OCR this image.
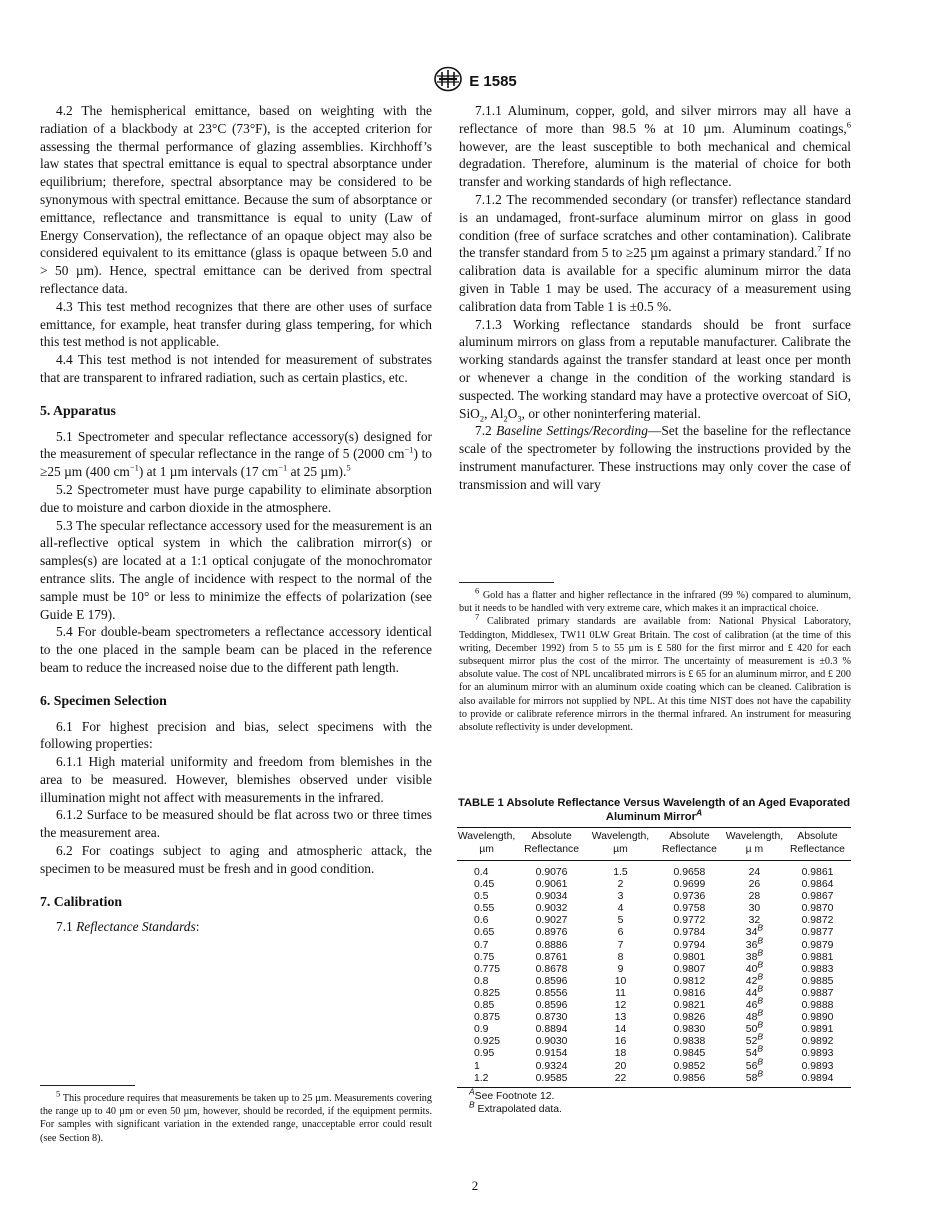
E 1585

4.2 The hemispherical emittance, based on weighting with the radiation of a blackbody at 23°C (73°F), is the accepted criterion for assessing the thermal performance of glazing assemblies. Kirchhoff’s law states that spectral emittance is equal to spectral absorptance under equilibrium; therefore, spectral absorptance may be considered to be synonymous with spectral emittance. Because the sum of absorptance or emittance, reflectance and transmittance is equal to unity (Law of Energy Conservation), the reflectance of an opaque object may also be considered equivalent to its emittance (glass is opaque between 5.0 and > 50 µm). Hence, spectral emittance can be derived from spectral reflectance data.

4.3 This test method recognizes that there are other uses of surface emittance, for example, heat transfer during glass tempering, for which this test method is not applicable.

4.4 This test method is not intended for measurement of substrates that are transparent to infrared radiation, such as certain plastics, etc.

5. Apparatus

5.1 Spectrometer and specular reflectance accessory(s) designed for the measurement of specular reflectance in the range of 5 (2000 $cm^{-1}$) to ≥25 µm (400 $cm^{-1}$) at 1 µm intervals (17 $cm^{-1}$ at 25 µm).$^5$

5.2 Spectrometer must have purge capability to eliminate absorption due to moisture and carbon dioxide in the atmosphere.

5.3 The specular reflectance accessory used for the measurement is an all-reflective optical system in which the calibration mirror(s) or samples(s) are located at a 1:1 optical conjugate of the monochromator entrance slits. The angle of incidence with respect to the normal of the sample must be 10° or less to minimize the effects of polarization (see Guide E 179).

5.4 For double-beam spectrometers a reflectance accessory identical to the one placed in the sample beam can be placed in the reference beam to reduce the increased noise due to the different path length.

6. Specimen Selection

6.1 For highest precision and bias, select specimens with the following properties:

6.1.1 High material uniformity and freedom from blemishes in the area to be measured. However, blemishes observed under visible illumination might not affect with measurements in the infrared.

6.1.2 Surface to be measured should be flat across two or three times the measurement area.

6.2 For coatings subject to aging and atmospheric attack, the specimen to be measured must be fresh and in good condition.

7. Calibration

7.1 Reflectance Standards:

$^5$ This procedure requires that measurements be taken up to 25 µm. Measurements covering the range up to 40 µm or even 50 µm, however, should be recorded, if the equipment permits. For samples with significant variation in the extended range, unacceptable error could result (see Section 8).

7.1.1 Aluminum, copper, gold, and silver mirrors may all have a reflectance of more than 98.5 % at 10 µm. Aluminum coatings,$^6$ however, are the least susceptible to both mechanical and chemical degradation. Therefore, aluminum is the material of choice for both transfer and working standards of high reflectance.

7.1.2 The recommended secondary (or transfer) reflectance standard is an undamaged, front-surface aluminum mirror on glass in good condition (free of surface scratches and other contamination). Calibrate the transfer standard from 5 to ≥25 µm against a primary standard.$^7$ If no calibration data is available for a specific aluminum mirror the data given in Table 1 may be used. The accuracy of a measurement using calibration data from Table 1 is ±0.5 %.

7.1.3 Working reflectance standards should be front surface aluminum mirrors on glass from a reputable manufacturer. Calibrate the working standards against the transfer standard at least once per month or whenever a change in the condition of the working standard is suspected. The working standard may have a protective overcoat of SiO, SiO$_2$, $Al_2O_3$, or other noninterfering material.

7.2 Baseline Settings/Recording—Set the baseline for the reflectance scale of the spectrometer by following the instructions provided by the instrument manufacturer. These instructions may only cover the case of transmission and will vary

$^6$ Gold has a flatter and higher reflectance in the infrared (99 %) compared to aluminum, but it needs to be handled with very extreme care, which makes it an impractical choice.

$^7$ Calibrated primary standards are available from: National Physical Laboratory, Teddington, Middlesex, TW11 0LW Great Britain. The cost of calibration (at the time of this writing, December 1992) from 5 to 55 µm is £ 580 for the first mirror and £ 420 for each subsequent mirror plus the cost of the mirror. The uncertainty of measurement is ±0.3 % absolute value. The cost of NPL uncalibrated mirrors is £ 65 for an aluminum mirror, and £ 200 for an aluminum mirror with an aluminum oxide coating which can be cleaned. Calibration is also available for mirrors not supplied by NPL. At this time NIST does not have the capability to provide or calibrate reference mirrors in the thermal infrared. An instrument for measuring absolute reflectivity is under development.

TABLE 1 Absolute Reflectance Versus Wavelength of an Aged Evaporated Aluminum Mirror$^A$
Wavelength, µm	Absolute Reflectance	Wavelength, µm	Absolute Reflectance	Wavelength, µ m	Absolute Reflectance
0.4	0.9076	1.5	0.9658	24	0.9861
0.45	0.9061	2	0.9699	26	0.9864
0.5	0.9034	3	0.9736	28	0.9867
0.55	0.9032	4	0.9758	30	0.9870
0.6	0.9027	5	0.9772	32	0.9872
0.65	0.8976	6	0.9784	$34^B$	0.9877
0.7	0.8886	7	0.9794	$36^B$	0.9879
0.75	0.8761	8	0.9801	$38^B$	0.9881
0.775	0.8678	9	0.9807	$40^B$	0.9883
0.8	0.8596	10	0.9812	$42^B$	0.9885
0.825	0.8556	11	0.9816	$44^B$	0.9887
0.85	0.8596	12	0.9821	$46^B$	0.9888
0.875	0.8730	13	0.9826	$48^B$	0.9890
0.9	0.8894	14	0.9830	$50^B$	0.9891
0.925	0.9030	16	0.9838	$52^B$	0.9892
0.95	0.9154	18	0.9845	$54^B$	0.9893
1	0.9324	20	0.9852	$56^B$	0.9893
1.2	0.9585	22	0.9856	$58^B$	0.9894
$^A$See Footnote 12.
$^B$ Extrapolated data.
2
